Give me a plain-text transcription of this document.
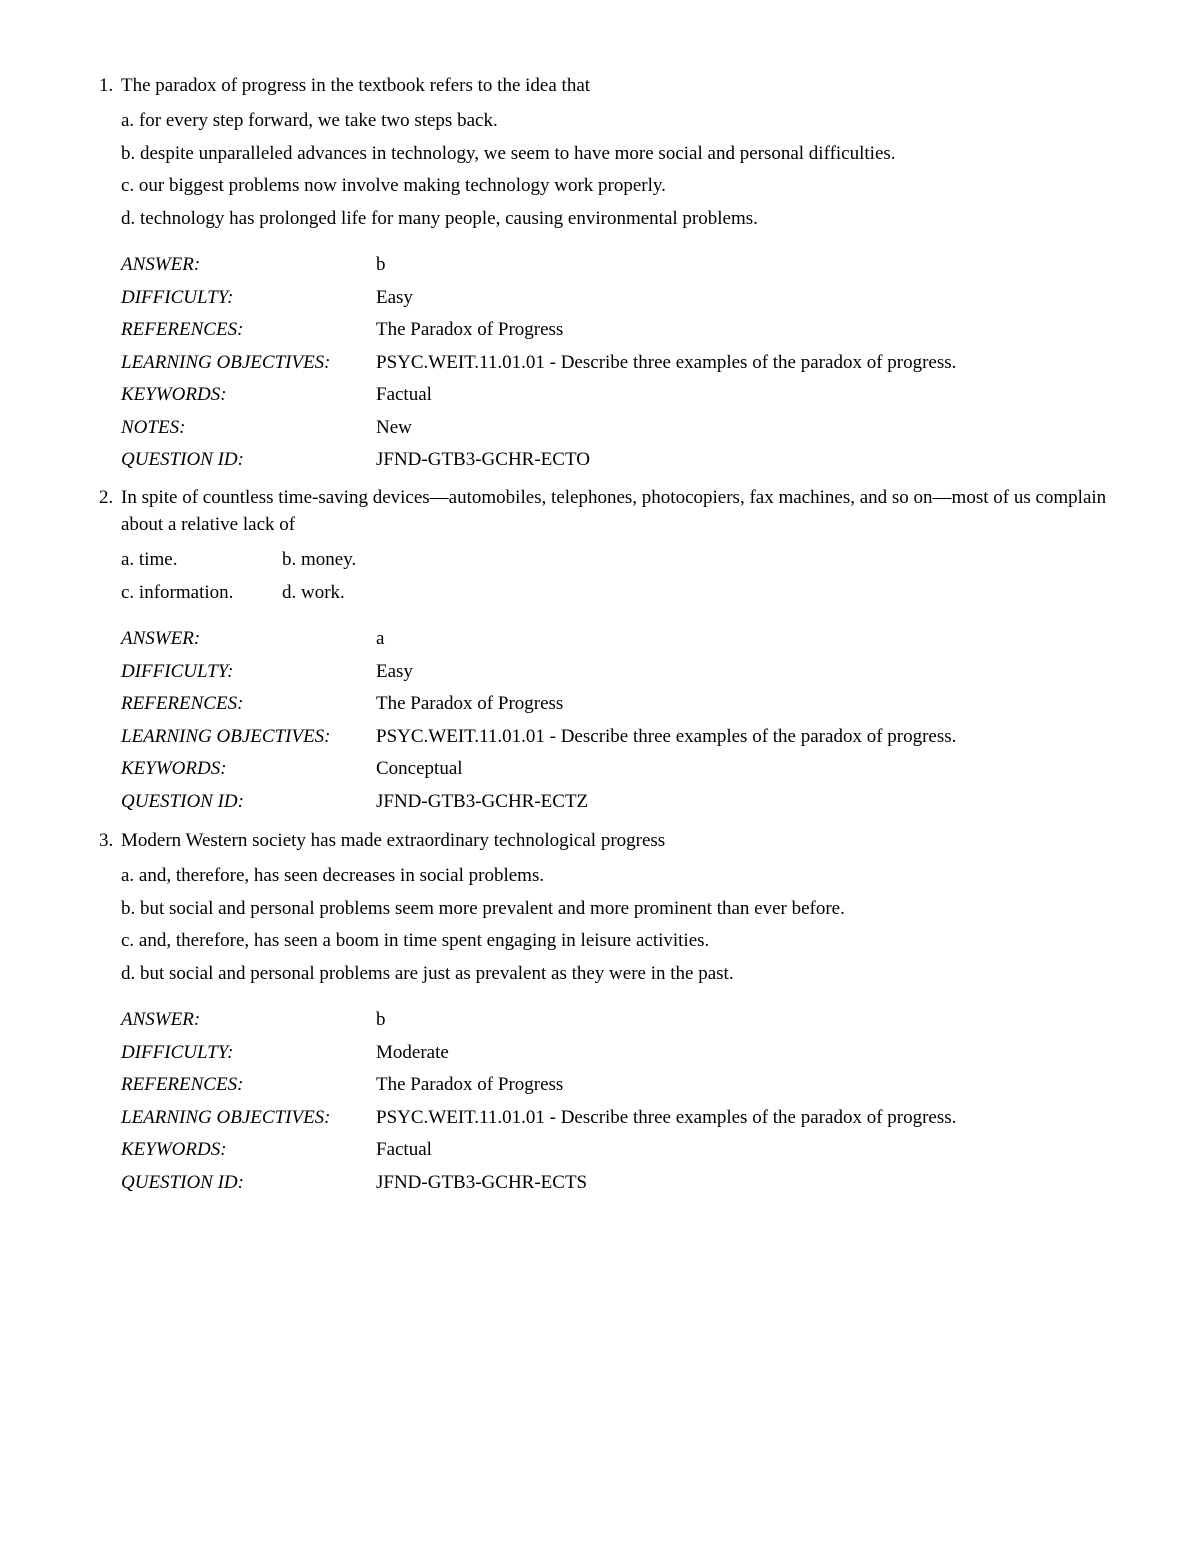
1. The paradox of progress in the textbook refers to the idea that
a. for every step forward, we take two steps back.
b. despite unparalleled advances in technology, we seem to have more social and personal difficulties.
c. our biggest problems now involve making technology work properly.
d. technology has prolonged life for many people, causing environmental problems.
ANSWER:	b
DIFFICULTY:	Easy
REFERENCES:	The Paradox of Progress
LEARNING OBJECTIVES:	PSYC.WEIT.11.01.01 - Describe three examples of the paradox of progress.
KEYWORDS:	Factual
NOTES:	New
QUESTION ID:	JFND-GTB3-GCHR-ECTO
2. In spite of countless time-saving devices—automobiles, telephones, photocopiers, fax machines, and so on—most of us complain about a relative lack of
a. time.	b. money.
c. information.	d. work.
ANSWER:	a
DIFFICULTY:	Easy
REFERENCES:	The Paradox of Progress
LEARNING OBJECTIVES:	PSYC.WEIT.11.01.01 - Describe three examples of the paradox of progress.
KEYWORDS:	Conceptual
QUESTION ID:	JFND-GTB3-GCHR-ECTZ
3. Modern Western society has made extraordinary technological progress
a. and, therefore, has seen decreases in social problems.
b. but social and personal problems seem more prevalent and more prominent than ever before.
c. and, therefore, has seen a boom in time spent engaging in leisure activities.
d. but social and personal problems are just as prevalent as they were in the past.
ANSWER:	b
DIFFICULTY:	Moderate
REFERENCES:	The Paradox of Progress
LEARNING OBJECTIVES:	PSYC.WEIT.11.01.01 - Describe three examples of the paradox of progress.
KEYWORDS:	Factual
QUESTION ID:	JFND-GTB3-GCHR-ECTS
